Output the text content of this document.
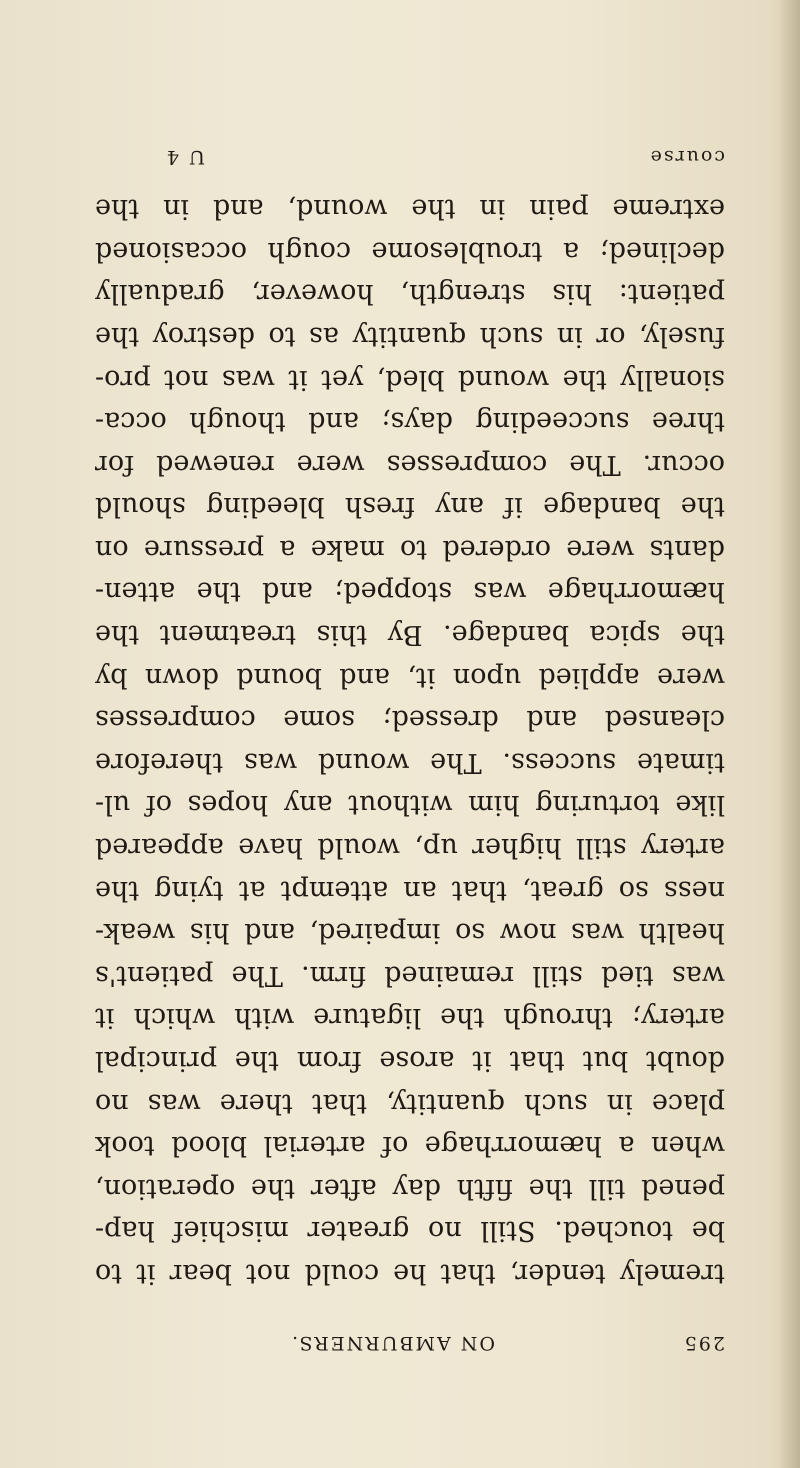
295
ON AMBURNERS.
tremely tender, that he could not bear it to
be touched. Still no greater mischief hap-
pened till the fifth day after the operation,
when a hæmorrhage of arterial blood took
place in such quantity, that there was no
doubt but that it arose from the principal
artery; through the ligature with which it
was tied still remained firm. The patient's
health was now so impaired, and his weak-
ness so great, that an attempt at tying the
artery still higher up, would have appeared
like torturing him without any hopes of ul-
timate success. The wound was therefore
cleansed and dressed; some compresses
were applied upon it, and bound down by
the spica bandage. By this treatment the
hæmorrhage was stopped; and the atten-
dants were ordered to make a pressure on
the bandage if any fresh bleeding should
occur. The compresses were renewed for
three succeeding days; and though occa-
sionally the wound bled, yet it was not pro-
fusely, or in such quantity as to destroy the
patient: his strength, however, gradually
declined; a troublesome cough occasioned
extreme pain in the wound, and in the
U 4	course
